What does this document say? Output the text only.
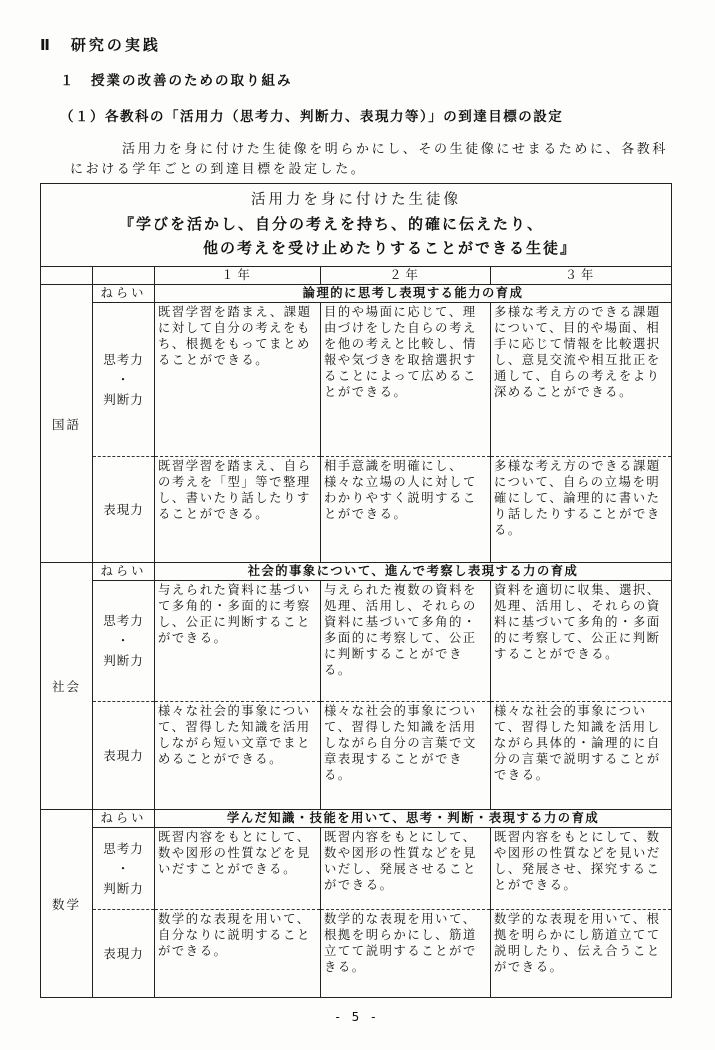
Ⅱ　研究の実践
１　授業の改善のための取り組み
（１）各教科の「活用力（思考力、判断力、表現力等）」の到達目標の設定
活用力を身に付けた生徒像を明らかにし、その生徒像にせまるために、各教科における学年ごとの到達目標を設定した。
活用力を身に付けた生徒像
『学びを活かし、自分の考えを持ち、的確に伝えたり、
他の考えを受け止めたりすることができる生徒』				

		１年	２年	３年
国語	ねらい	論理的に思考し表現する能力の育成		
	思考力
・
判断力	既習学習を踏まえ、課題に対して自分の考えをもち、根拠をもってまとめることができる。	目的や場面に応じて、理由づけをした自らの考えを他の考えと比較し、情報や気づきを取捨選択することによって広めることができる。	多様な考え方のできる課題について、目的や場面、相手に応じて情報を比較選択し、意見交流や相互批正を通して、自らの考えをより深めることができる。
	表現力	既習学習を踏まえ、自らの考えを「型」等で整理し、書いたり話したりすることができる。	相手意識を明確にし、様々な立場の人に対してわかりやすく説明することができる。	多様な考え方のできる課題について、自らの立場を明確にして、論理的に書いたり話したりすることができる。
社会	ねらい	社会的事象について、進んで考察し表現する力の育成		
	思考力
・
判断力	与えられた資料に基づいて多角的・多面的に考察し、公正に判断することができる。	与えられた複数の資料を処理、活用し、それらの資料に基づいて多角的・多面的に考察して、公正に判断することができる。	資料を適切に収集、選択、処理、活用し、それらの資料に基づいて多角的・多面的に考察して、公正に判断することができる。
	表現力	様々な社会的事象について、習得した知識を活用しながら短い文章でまとめることができる。	様々な社会的事象について、習得した知識を活用しながら自分の言葉で文章表現することができる。	様々な社会的事象について、習得した知識を活用しながら具体的・論理的に自分の言葉で説明することができる。
数学	ねらい	学んだ知識・技能を用いて、思考・判断・表現する力の育成		
	思考力
・
判断力	既習内容をもとにして、数や図形の性質などを見いだすことができる。	既習内容をもとにして、数や図形の性質などを見いだし、発展させることができる。	既習内容をもとにして、数や図形の性質などを見いだし、発展させ、探究することができる。
	表現力	数学的な表現を用いて、自分なりに説明することができる。	数学的な表現を用いて、根拠を明らかにし、筋道立てて説明することができる。	数学的な表現を用いて、根拠を明らかにし筋道立てて説明したり、伝え合うことができる。
- 5 -
